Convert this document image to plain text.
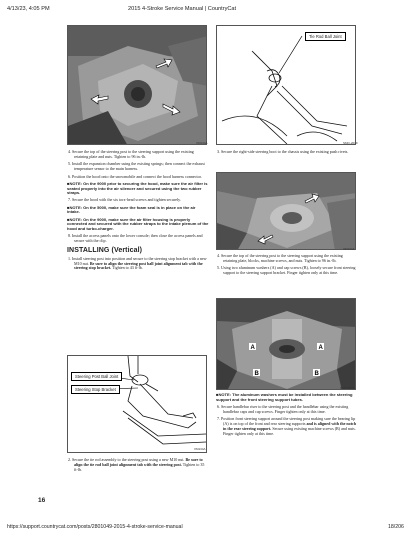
4/13/23, 4:05 PM	2015 4-Stroke Service Manual | CountryCat
XM134A
Tie Rod Ball Joint
SMO-2019

4. Secure the top of the steering post to the steering support using the existing retaining plate and nuts. Tighten to 96 in.-lb.

5. Install the expansion chamber using the existing springs; then connect the exhaust temperature sensor to the main harness.

6. Position the hood onto the snowmobile and connect the hood harness connector.

■NOTE: On the 9000 prior to securing the hood, make sure the air filter is seated properly into the air silencer and secured using the two rubber straps.

7. Secure the hood with the six torx-head screws and tighten securely.

■NOTE: On the 5000, make sure the foam seal is in place on the air intake.

■NOTE: On the 9000, make sure the air filter housing is properly connected and secured with the rubber straps to the intake plenum of the hood and turbo-charger.

8. Install the access panels onto the lower console; then close the access panels and secure with the clip.

INSTALLING (Vertical)

1. Install steering post into position and secure to the steering stop bracket with a new M10 nut. Be sure to align the steering post ball joint alignment tab with the steering stop bracket. Tighten to 43 ft-lb.

Steering Post Ball Joint
Steering Stop Bracket
XM134A

2. Secure the tie rod assembly to the steering post using a new M10 nut. Be sure to align the tie rod ball joint alignment tab with the steering post. Tighten to 35 ft-lb.

16

3. Secure the right-side steering boot to the chassis using the existing push rivets.

XM134A

4. Secure the top of the steering post to the steering support using the existing retaining plate, blocks, machine screws, and nuts. Tighten to 96 in.-lb.

5. Using two aluminum washers (A) and cap screws (B), loosely secure front steering support to the steering support bracket. Finger tighten only at this time.

A	A
B	B
SMO-814A

■NOTE: The aluminum washers must be installed between the steering support and the front steering support tubes.

6. Secure handlebar riser to the steering post and the handlebar using the existing handlebar caps and cap screws. Finger tighten only at this time.

7. Position front steering support around the steering post making sure the bearing lip (A) is on top of the front and rear steering supports and is aligned with the notch in the rear steering support. Secure using existing machine screws (B) and nuts. Finger tighten only at this time.

https://support.countrycat.com/posts/2801049-2015-4-stroke-service-manual	18/206
